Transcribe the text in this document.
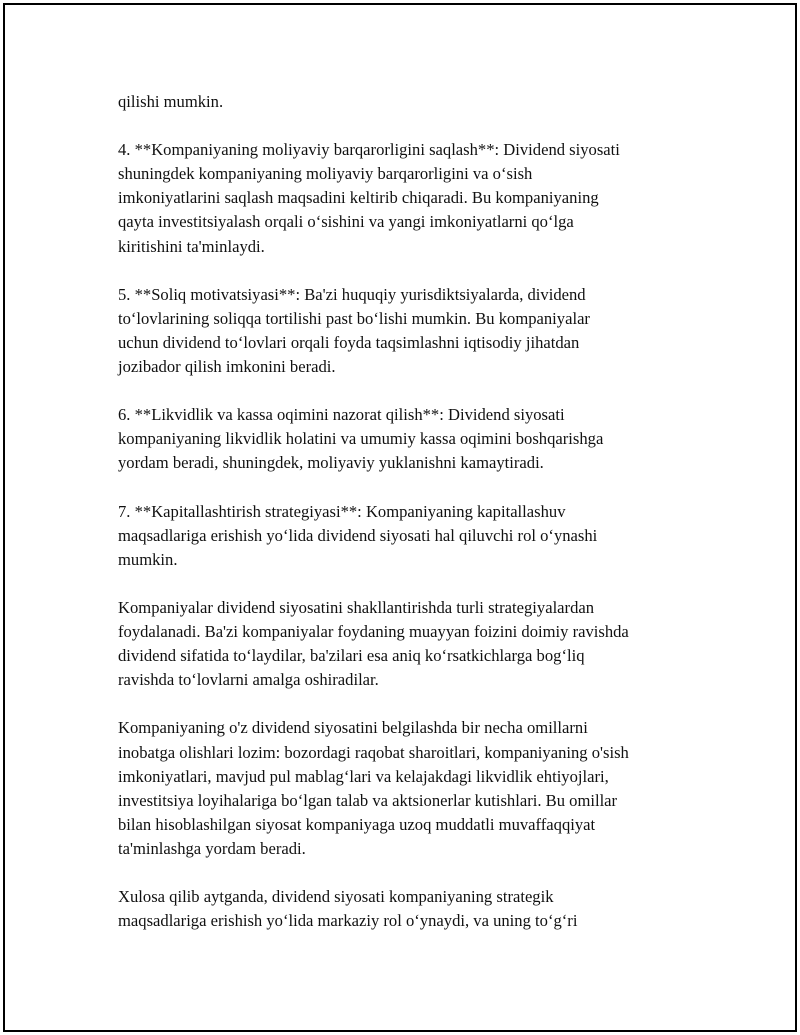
qilishi mumkin.

4. **Kompaniyaning moliyaviy barqarorligini saqlash**: Dividend siyosati
shuningdek kompaniyaning moliyaviy barqarorligini va o‘sish
imkoniyatlarini saqlash maqsadini keltirib chiqaradi. Bu kompaniyaning
qayta investitsiyalash orqali o‘sishini va yangi imkoniyatlarni qo‘lga
kiritishini ta'minlaydi.

5. **Soliq motivatsiyasi**: Ba'zi huquqiy yurisdiktsiyalarda, dividend
to‘lovlarining soliqqa tortilishi past bo‘lishi mumkin. Bu kompaniyalar
uchun dividend to‘lovlari orqali foyda taqsimlashni iqtisodiy jihatdan
jozibador qilish imkonini beradi.

6. **Likvidlik va kassa oqimini nazorat qilish**: Dividend siyosati
kompaniyaning likvidlik holatini va umumiy kassa oqimini boshqarishga
yordam beradi, shuningdek, moliyaviy yuklanishni kamaytiradi.

7. **Kapitallashtirish strategiyasi**: Kompaniyaning kapitallashuv
maqsadlariga erishish yo‘lida dividend siyosati hal qiluvchi rol o‘ynashi
mumkin.

Kompaniyalar dividend siyosatini shakllantirishda turli strategiyalardan
foydalanadi. Ba'zi kompaniyalar foydaning muayyan foizini doimiy ravishda
dividend sifatida to‘laydilar, ba'zilari esa aniq ko‘rsatkichlarga bog‘liq
ravishda to‘lovlarni amalga oshiradilar.

Kompaniyaning o'z dividend siyosatini belgilashda bir necha omillarni
inobatga olishlari lozim: bozordagi raqobat sharoitlari, kompaniyaning o'sish
imkoniyatlari, mavjud pul mablag‘lari va kelajakdagi likvidlik ehtiyojlari,
investitsiya loyihalariga bo‘lgan talab va aktsionerlar kutishlari. Bu omillar
bilan hisoblashilgan siyosat kompaniyaga uzoq muddatli muvaffaqqiyat
ta'minlashga yordam beradi.

Xulosa qilib aytganda, dividend siyosati kompaniyaning strategik
maqsadlariga erishish yo‘lida markaziy rol o‘ynaydi, va uning to‘g‘ri
